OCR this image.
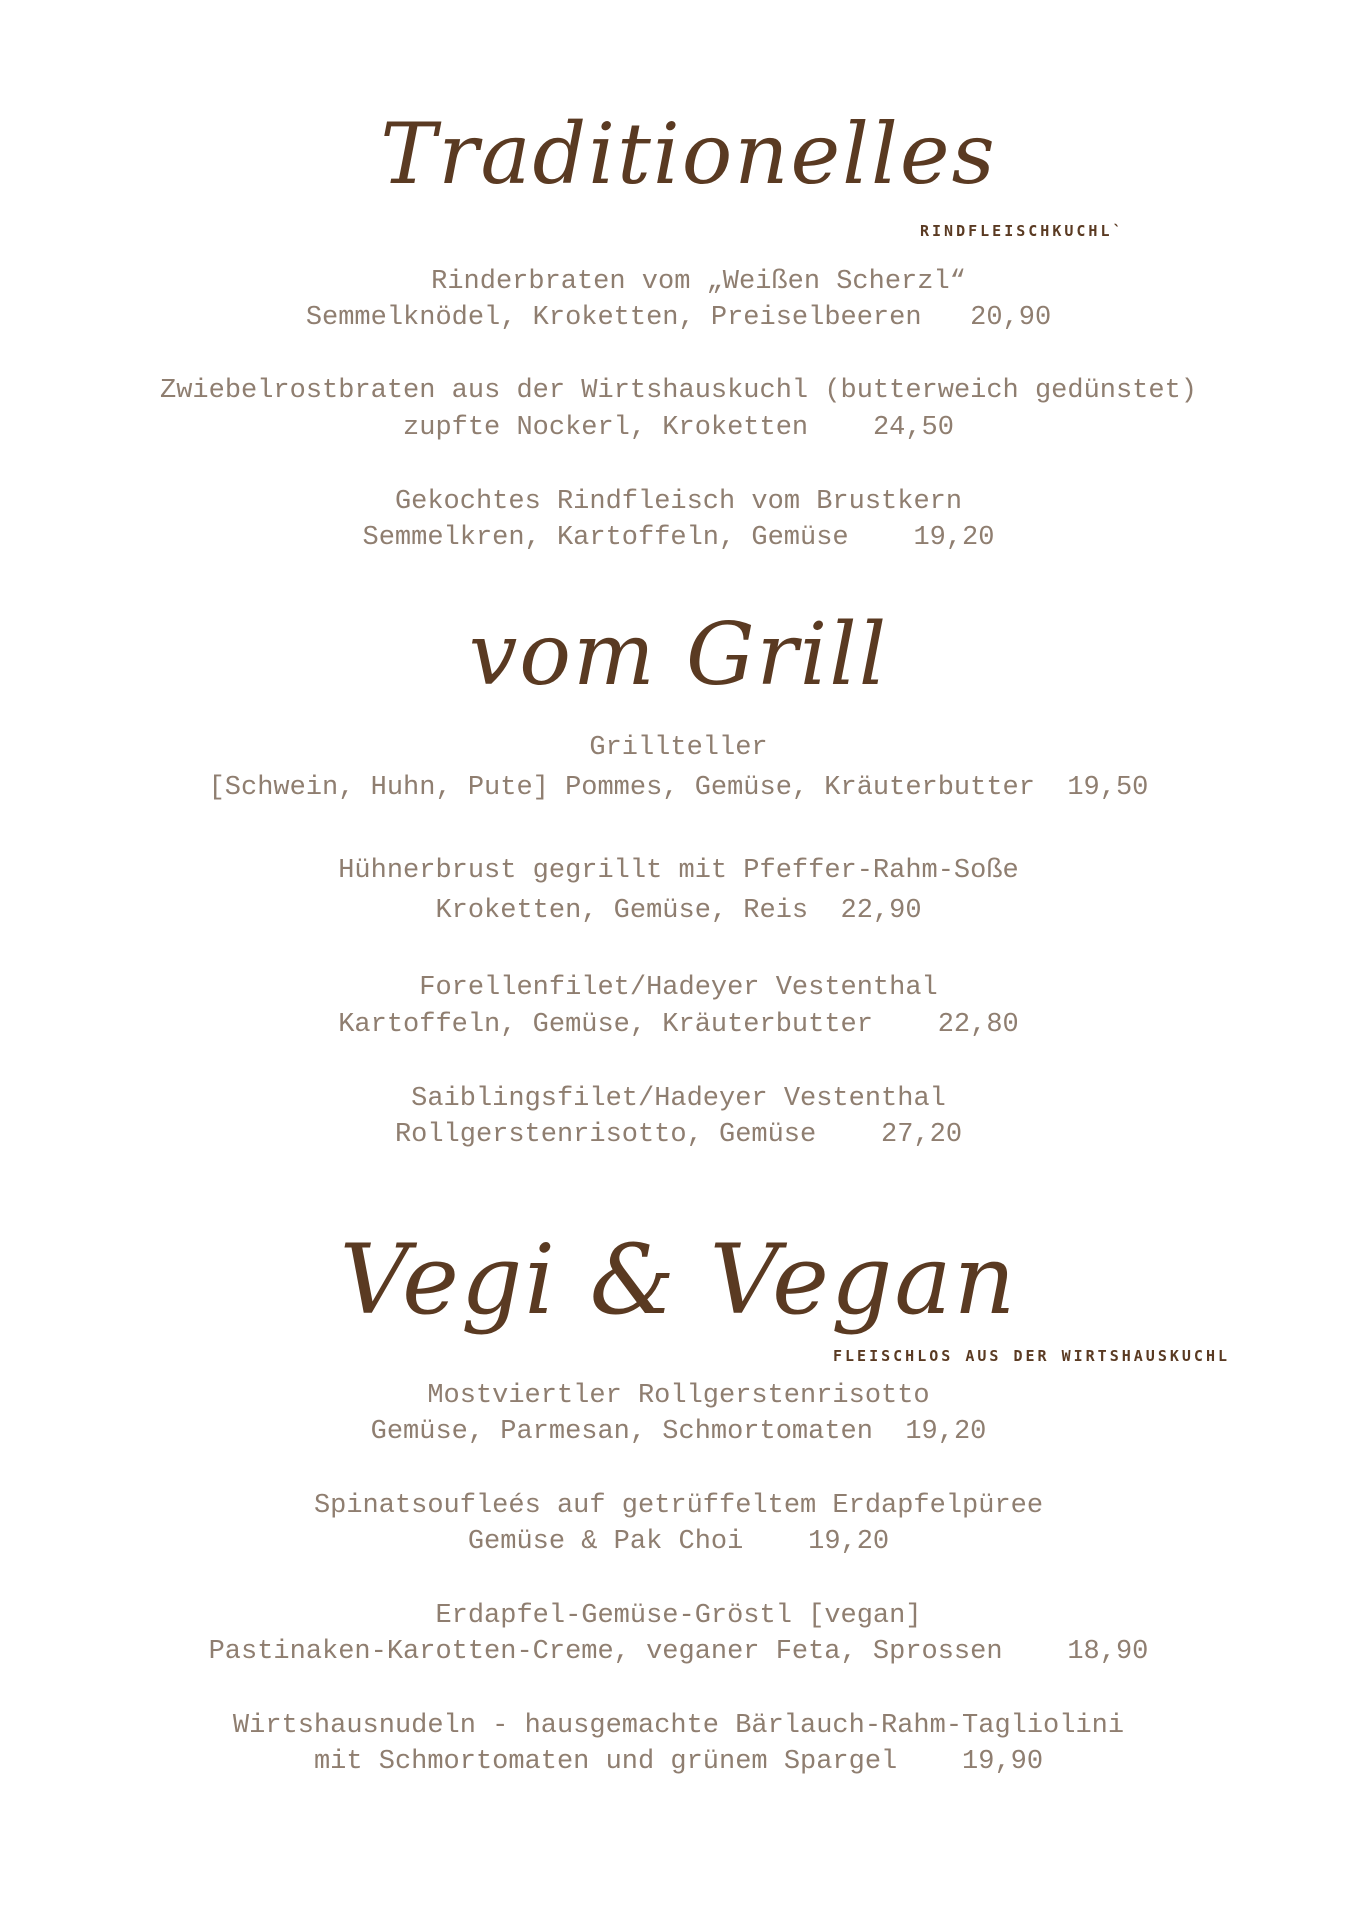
Traditionelles
RINDFLEISCHKUCHL`
Rinderbraten vom „Weißen Scherzl“
Semmelknödel, Kroketten, Preiselbeeren 20,90
Zwiebelrostbraten aus der Wirtshauskuchl (butterweich gedünstet)
zupfte Nockerl, Kroketten 24,50
Gekochtes Rindfleisch vom Brustkern
Semmelkren, Kartoffeln, Gemüse 19,20
vom Grill
Grillteller
[Schwein, Huhn, Pute] Pommes, Gemüse, Kräuterbutter 19,50
Hühnerbrust gegrillt mit Pfeffer-Rahm-Soße
Kroketten, Gemüse, Reis 22,90
Forellenfilet/Hadeyer Vestenthal
Kartoffeln, Gemüse, Kräuterbutter 22,80
Saiblingsfilet/Hadeyer Vestenthal
Rollgerstenrisotto, Gemüse 27,20
Vegi & Vegan
FLEISCHLOS AUS DER WIRTSHAUSKUCHL
Mostviertler Rollgerstenrisotto
Gemüse, Parmesan, Schmortomaten 19,20
Spinatsoufleés auf getrüffeltem Erdapfelpüree
Gemüse & Pak Choi 19,20
Erdapfel-Gemüse-Gröstl [vegan]
Pastinaken-Karotten-Creme, veganer Feta, Sprossen 18,90
Wirtshausnudeln - hausgemachte Bärlauch-Rahm-Tagliolini
mit Schmortomaten und grünem Spargel 19,90
